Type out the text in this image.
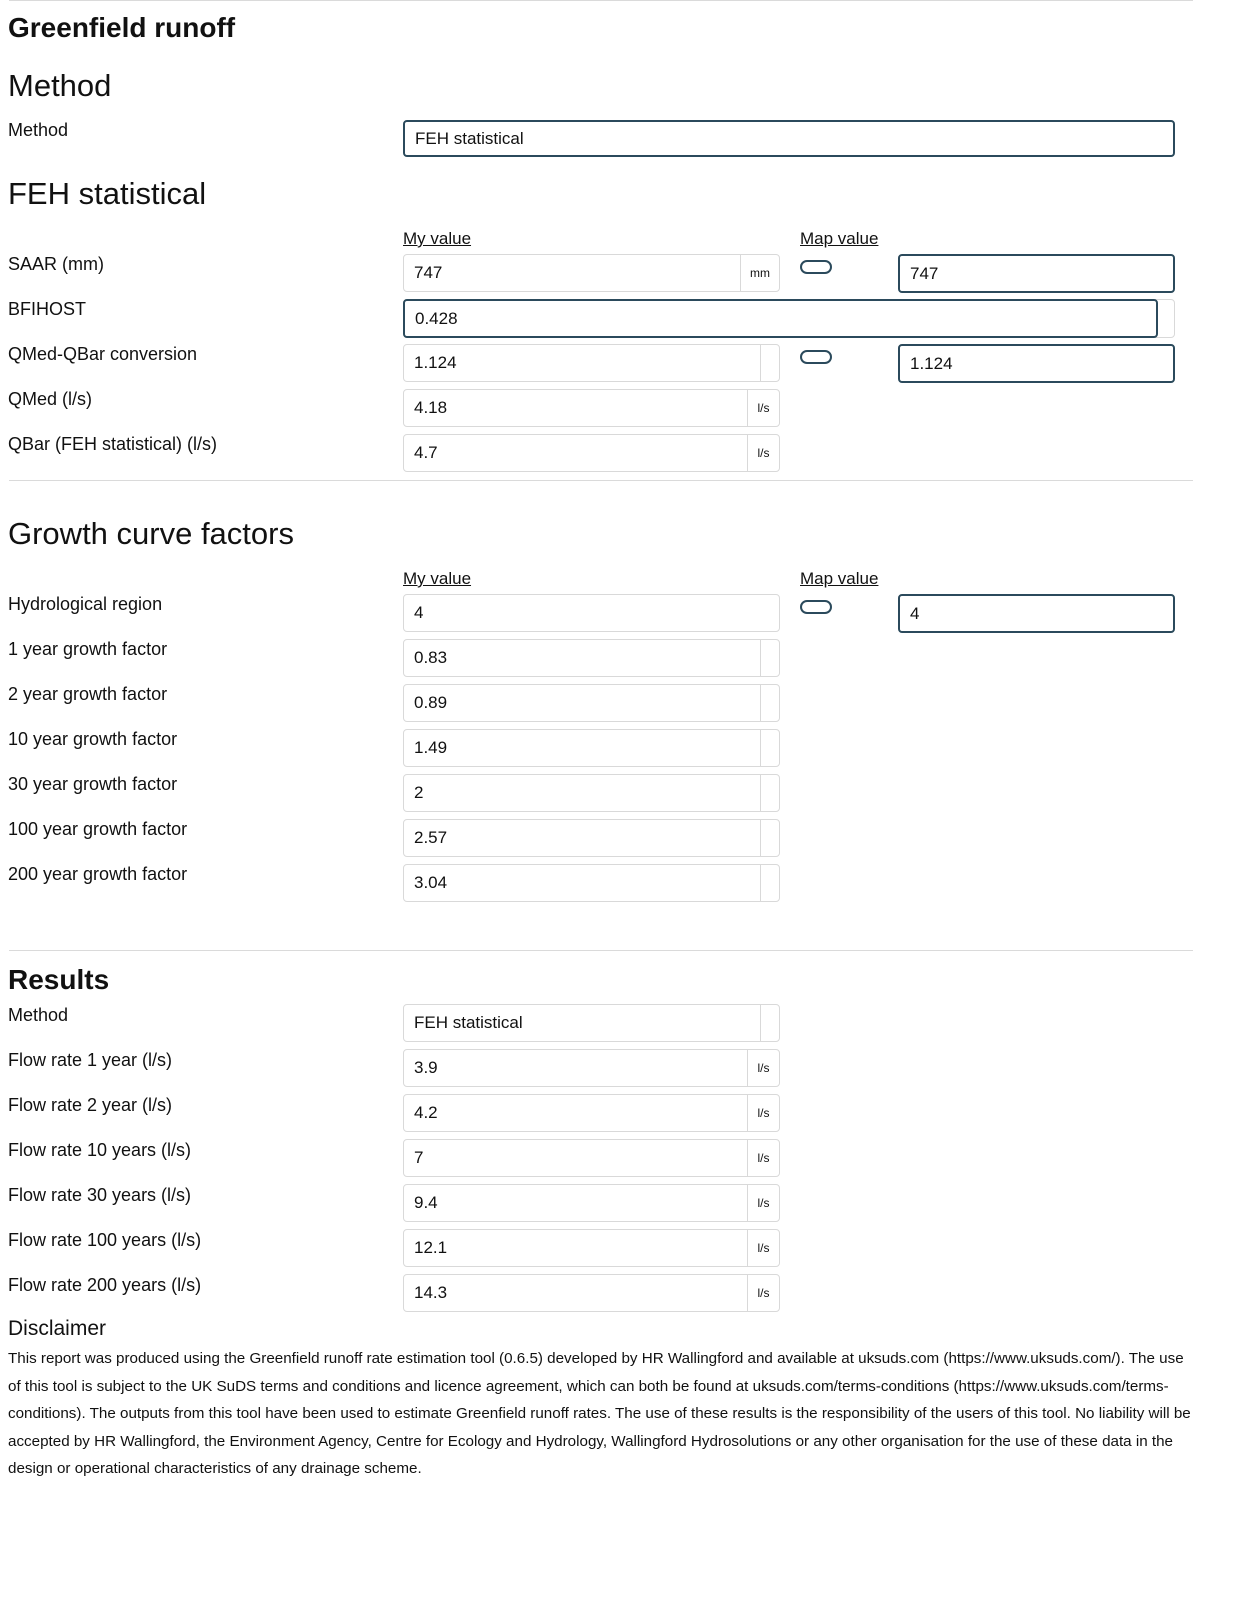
Greenfield runoff
Method
Method	FEH statistical
FEH statistical
My value	Map value
SAAR (mm)	747	mm	747
BFIHOST	0.428
QMed-QBar conversion	1.124	1.124
QMed (l/s)	4.18	l/s
QBar (FEH statistical) (l/s)	4.7	l/s
Growth curve factors
My value	Map value
Hydrological region	4	4
1 year growth factor	0.83
2 year growth factor	0.89
10 year growth factor	1.49
30 year growth factor	2
100 year growth factor	2.57
200 year growth factor	3.04
Results
Method	FEH statistical
Flow rate 1 year (l/s)	3.9	l/s
Flow rate 2 year (l/s)	4.2	l/s
Flow rate 10 years (l/s)	7	l/s
Flow rate 30 years (l/s)	9.4	l/s
Flow rate 100 years (l/s)	12.1	l/s
Flow rate 200 years (l/s)	14.3	l/s
Disclaimer
This report was produced using the Greenfield runoff rate estimation tool (0.6.5) developed by HR Wallingford and available at uksuds.com (https://www.uksuds.com/). The use of this tool is subject to the UK SuDS terms and conditions and licence agreement, which can both be found at uksuds.com/terms-conditions (https://www.uksuds.com/terms-conditions). The outputs from this tool have been used to estimate Greenfield runoff rates. The use of these results is the responsibility of the users of this tool. No liability will be accepted by HR Wallingford, the Environment Agency, Centre for Ecology and Hydrology, Wallingford Hydrosolutions or any other organisation for the use of these data in the design or operational characteristics of any drainage scheme.
